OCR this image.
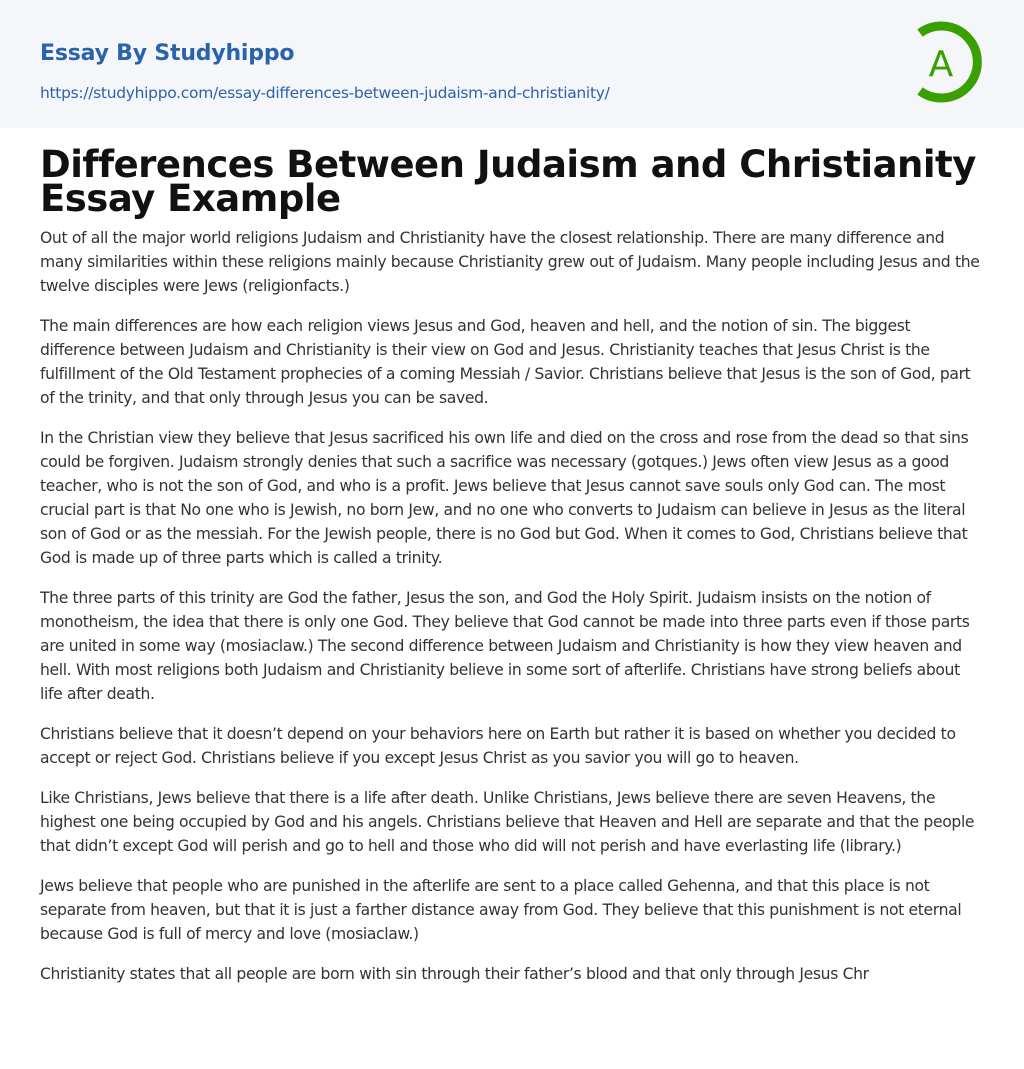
Essay By Studyhippo
https://studyhippo.com/essay-differences-between-judaism-and-christianity/
A
Differences Between Judaism and Christianity Essay Example

Out of all the major world religions Judaism and Christianity have the closest relationship. There are many difference and many similarities within these religions mainly because Christianity grew out of Judaism. Many people including Jesus and the twelve disciples were Jews (religionfacts.)

The main differences are how each religion views Jesus and God, heaven and hell, and the notion of sin. The biggest difference between Judaism and Christianity is their view on God and Jesus. Christianity teaches that Jesus Christ is the fulfillment of the Old Testament prophecies of a coming Messiah / Savior. Christians believe that Jesus is the son of God, part of the trinity, and that only through Jesus you can be saved.

In the Christian view they believe that Jesus sacrificed his own life and died on the cross and rose from the dead so that sins could be forgiven. Judaism strongly denies that such a sacrifice was necessary (gotques.) Jews often view Jesus as a good teacher, who is not the son of God, and who is a profit. Jews believe that Jesus cannot save souls only God can. The most crucial part is that No one who is Jewish, no born Jew, and no one who converts to Judaism can believe in Jesus as the literal son of God or as the messiah. For the Jewish people, there is no God but God. When it comes to God, Christians believe that God is made up of three parts which is called a trinity.

The three parts of this trinity are God the father, Jesus the son, and God the Holy Spirit. Judaism insists on the notion of monotheism, the idea that there is only one God. They believe that God cannot be made into three parts even if those parts are united in some way (mosiaclaw.) The second difference between Judaism and Christianity is how they view heaven and hell. With most religions both Judaism and Christianity believe in some sort of afterlife. Christians have strong beliefs about life after death.

Christians believe that it doesn’t depend on your behaviors here on Earth but rather it is based on whether you decided to accept or reject God. Christians believe if you except Jesus Christ as you savior you will go to heaven.

Like Christians, Jews believe that there is a life after death. Unlike Christians, Jews believe there are seven Heavens, the highest one being occupied by God and his angels. Christians believe that Heaven and Hell are separate and that the people that didn’t except God will perish and go to hell and those who did will not perish and have everlasting life (library.)

Jews believe that people who are punished in the afterlife are sent to a place called Gehenna, and that this place is not separate from heaven, but that it is just a farther distance away from God. They believe that this punishment is not eternal because God is full of mercy and love (mosiaclaw.)

Christianity states that all people are born with sin through their father’s blood and that only through Jesus Chr
